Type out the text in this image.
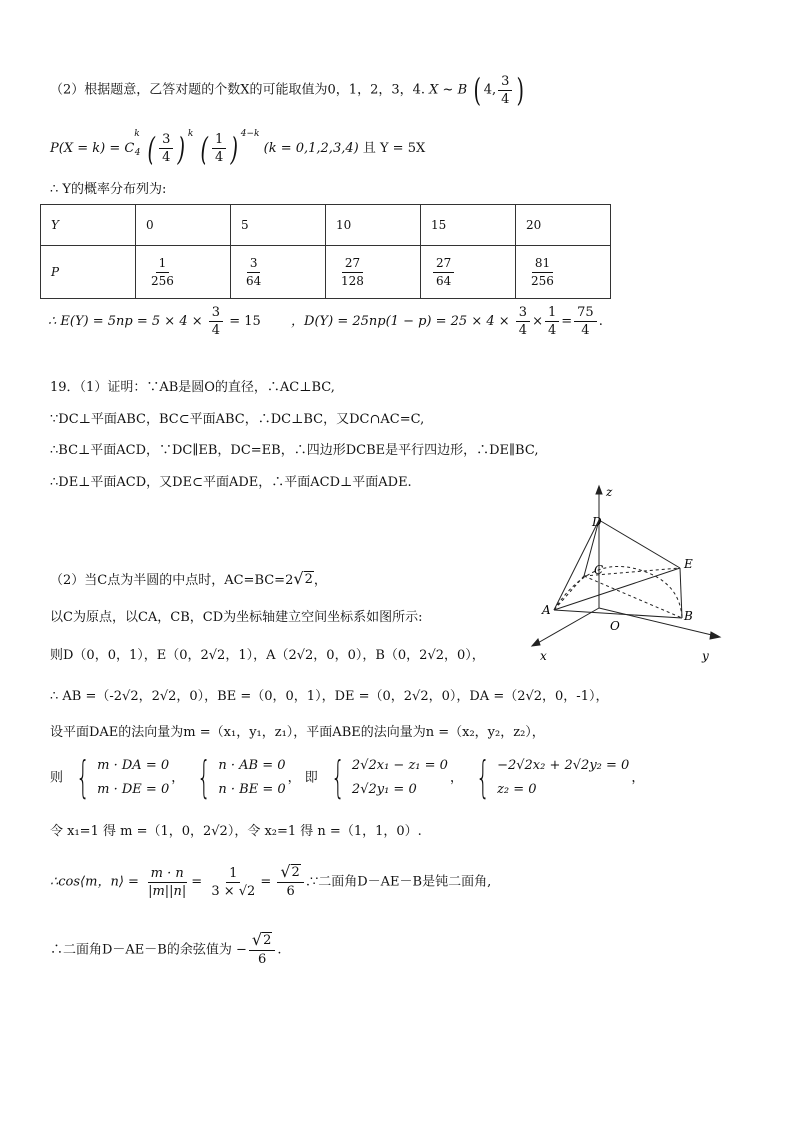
（2）根据题意，乙答对题的个数X的可能取值为0，1，2，3，4. X ~ B ( 4, $\frac{3}{4}$ )
$P(X = k) = C^k_4$ ( $\frac{3}{4}$ ) $^k$ ( $\frac{1}{4}$ ) $^{4-k}$ (k = 0,1,2,3,4) 且 Y = 5X
∴ Y的概率分布列为:
Y	0	5	10	15	20
P	$\frac{1}{256}$	$\frac{3}{64}$	$\frac{27}{128}$	$\frac{27}{64}$	$\frac{81}{256}$
∴ $E(Y) = 5np = 5 \times 4 \times \frac{3}{4} = 15$ ，$D(Y) = 25np(1 - p) = 25 \times 4 \times \frac{3}{4} \times \frac{1}{4} = \frac{75}{4}$ .
19．（1）证明：∵AB是圆O的直径，∴AC⊥BC,
∵DC⊥平面ABC，BC⊂平面ABC，∴DC⊥BC，又DC∩AC=C,
∴BC⊥平面ACD，∵DC∥EB，DC=EB，∴四边形DCBE是平行四边形，∴DE∥BC,
∴DE⊥平面ACD，又DE⊂平面ADE，∴平面ACD⊥平面ADE.
z
x	y
D
E
C
A	B
O
（2）当C点为半圆的中点时，AC=BC=2 √ 2 ，
以C为原点，以CA，CB，CD为坐标轴建立空间坐标系如图所示:
则D（0，0，1），E（0，2√2，1），A（2√2，0，0），B（0，2√2，0），
∴ AB =（-2√2，2√2，0），BE =（0，0，1），DE =（0，2√2，0），DA =（2√2，0，-1），
设平面DAE的法向量为m =（x₁，y₁，z₁），平面ABE的法向量为n =（x₂，y₂，z₂），
则 { m · DA = 0
m · DE = 0
， { n · AB = 0
n · BE = 0
， 即 { 2√2x₁ − z₁ = 0
2√2y₁ = 0
， { −2√2x₂ + 2√2y₂ = 0
z₂ = 0
，
令 x₁=1 得 m =（1，0，2√2），令 x₂=1 得 n =（1，1，0）.
∴cos⟨m，n⟩ = $\frac{m \cdot n}{|m||n|} = \frac{1}{3 \times √2} = \frac{√ 2}{6}$ .∵二面角D－AE－B是钝二面角,
∴二面角D－AE－B的余弦值为 − $\frac{√ 2}{6}$ .
